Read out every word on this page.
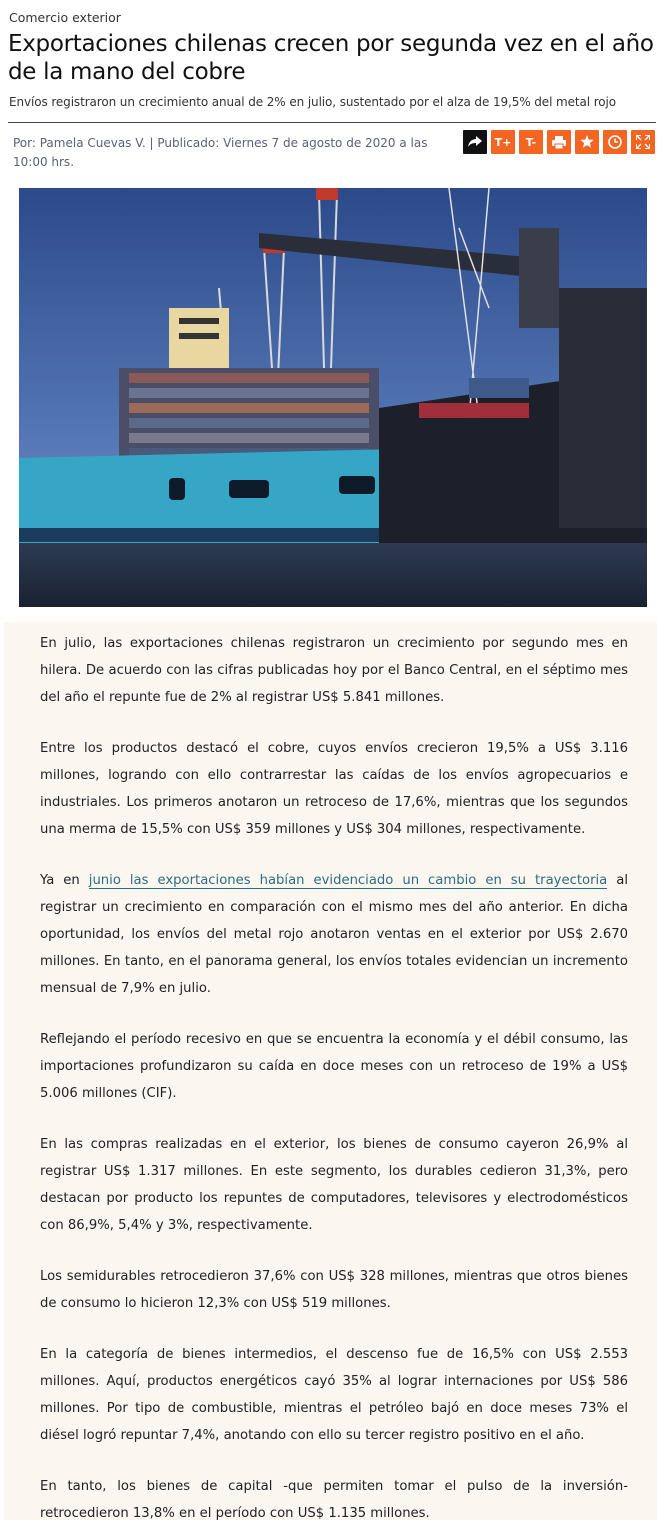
Comercio exterior
Exportaciones chilenas crecen por segunda vez en el año de la mano del cobre
Envíos registraron un crecimiento anual de 2% en julio, sustentado por el alza de 19,5% del metal rojo
Por: Pamela Cuevas V. | Publicado: Viernes 7 de agosto de 2020 a las 10:00 hrs.
T+	T-

En julio, las exportaciones chilenas registraron un crecimiento por segundo mes en hilera. De acuerdo con las cifras publicadas hoy por el Banco Central, en el séptimo mes del año el repunte fue de 2% al registrar US$ 5.841 millones.

Entre los productos destacó el cobre, cuyos envíos crecieron 19,5% a US$ 3.116 millones, logrando con ello contrarrestar las caídas de los envíos agropecuarios e industriales. Los primeros anotaron un retroceso de 17,6%, mientras que los segundos una merma de 15,5% con US$ 359 millones y US$ 304 millones, respectivamente.

Ya en junio las exportaciones habían evidenciado un cambio en su trayectoria al registrar un crecimiento en comparación con el mismo mes del año anterior. En dicha oportunidad, los envíos del metal rojo anotaron ventas en el exterior por US$ 2.670 millones. En tanto, en el panorama general, los envíos totales evidencian un incremento mensual de 7,9% en julio.

Reflejando el período recesivo en que se encuentra la economía y el débil consumo, las importaciones profundizaron su caída en doce meses con un retroceso de 19% a US$ 5.006 millones (CIF).

En las compras realizadas en el exterior, los bienes de consumo cayeron 26,9% al registrar US$ 1.317 millones. En este segmento, los durables cedieron 31,3%, pero destacan por producto los repuntes de computadores, televisores y electrodomésticos con 86,9%, 5,4% y 3%, respectivamente.

Los semidurables retrocedieron 37,6% con US$ 328 millones, mientras que otros bienes de consumo lo hicieron 12,3% con US$ 519 millones.

En la categoría de bienes intermedios, el descenso fue de 16,5% con US$ 2.553 millones. Aquí, productos energéticos cayó 35% al lograr internaciones por US$ 586 millones. Por tipo de combustible, mientras el petróleo bajó en doce meses 73% el diésel logró repuntar 7,4%, anotando con ello su tercer registro positivo en el año.

En tanto, los bienes de capital -que permiten tomar el pulso de la inversión- retrocedieron 13,8% en el período con US$ 1.135 millones.
